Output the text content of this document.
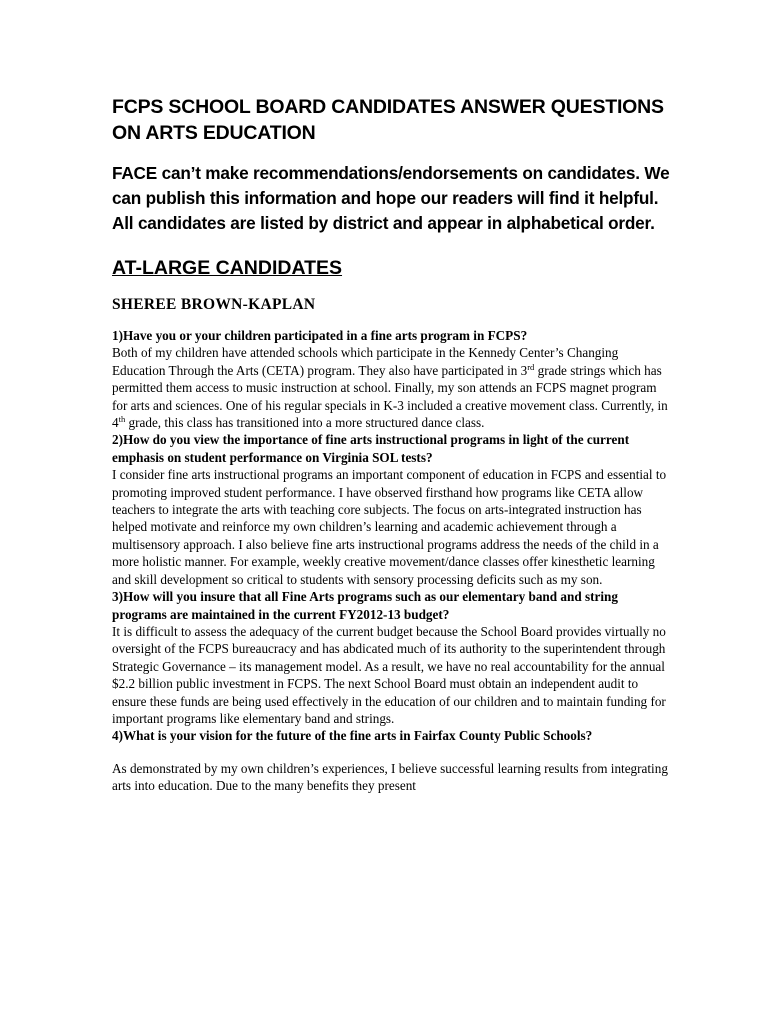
FCPS SCHOOL BOARD CANDIDATES ANSWER QUESTIONS ON ARTS EDUCATION

FACE can’t make recommendations/endorsements on candidates. We can publish this information and hope our readers will find it helpful. All candidates are listed by district and appear in alphabetical order.

AT-LARGE CANDIDATES
SHEREE BROWN-KAPLAN

1)Have you or your children participated in a fine arts program in FCPS?

Both of my children have attended schools which participate in the Kennedy Center’s Changing Education Through the Arts (CETA) program. They also have participated in 3rd grade strings which has permitted them access to music instruction at school. Finally, my son attends an FCPS magnet program for arts and sciences. One of his regular specials in K-3 included a creative movement class. Currently, in 4th grade, this class has transitioned into a more structured dance class.

2)How do you view the importance of fine arts instructional programs in light of the current emphasis on student performance on Virginia SOL tests?

I consider fine arts instructional programs an important component of education in FCPS and essential to promoting improved student performance. I have observed firsthand how programs like CETA allow teachers to integrate the arts with teaching core subjects. The focus on arts-integrated instruction has helped motivate and reinforce my own children’s learning and academic achievement through a multisensory approach. I also believe fine arts instructional programs address the needs of the child in a more holistic manner. For example, weekly creative movement/dance classes offer kinesthetic learning and skill development so critical to students with sensory processing deficits such as my son.

3)How will you insure that all Fine Arts programs such as our elementary band and string programs are maintained in the current FY2012-13 budget?

It is difficult to assess the adequacy of the current budget because the School Board provides virtually no oversight of the FCPS bureaucracy and has abdicated much of its authority to the superintendent through Strategic Governance – its management model. As a result, we have no real accountability for the annual $2.2 billion public investment in FCPS. The next School Board must obtain an independent audit to ensure these funds are being used effectively in the education of our children and to maintain funding for important programs like elementary band and strings.

4)What is your vision for the future of the fine arts in Fairfax County Public Schools?

As demonstrated by my own children’s experiences, I believe successful learning results from integrating arts into education. Due to the many benefits they present
